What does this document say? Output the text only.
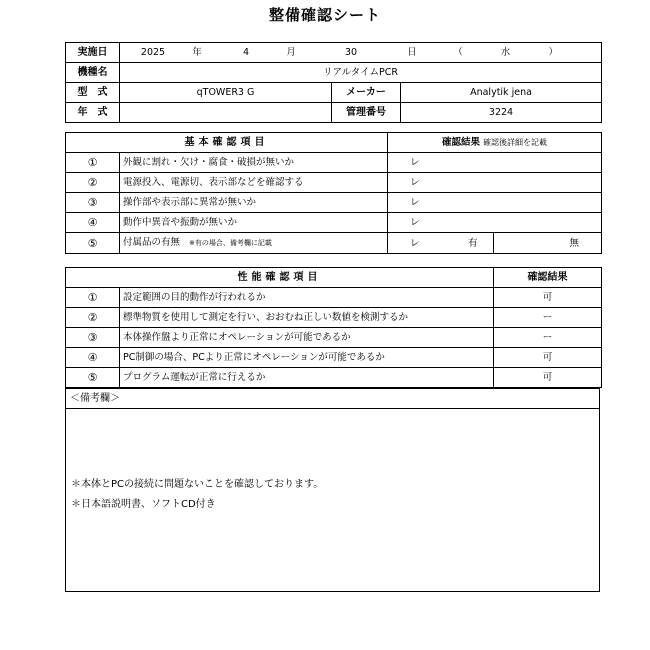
整備確認シート
実施日	2025 年 4 月 30 日 （ 水 ）		
機種名	リアルタイムPCR		
型　式	qTOWER3 G	メーカー	Analytik jena
年　式		管理番号	3224
基本確認項目		確認結果 確認後詳細を記載	
①	外観に割れ・欠け・腐食・破損が無いか	レ	
②	電源投入、電源切、表示部などを確認する	レ	
③	操作部や表示部に異常が無いか	レ	
④	動作中異音や振動が無いか	レ	
⑤	付属品の有無 ※有の場合、備考欄に記載	レ 有	無
性能確認項目		確認結果
①	設定範囲の目的動作が行われるか	可
②	標準物質を使用して測定を行い、おおむね正しい数値を検測するか	ー
③	本体操作盤より正常にオペレーションが可能であるか	ー
④	PC制御の場合、PCより正常にオペレーションが可能であるか	可
⑤	プログラム運転が正常に行えるか	可
＜備考欄＞
＊本体とPCの接続に問題ないことを確認しております。
＊日本語説明書、ソフトCD付き
